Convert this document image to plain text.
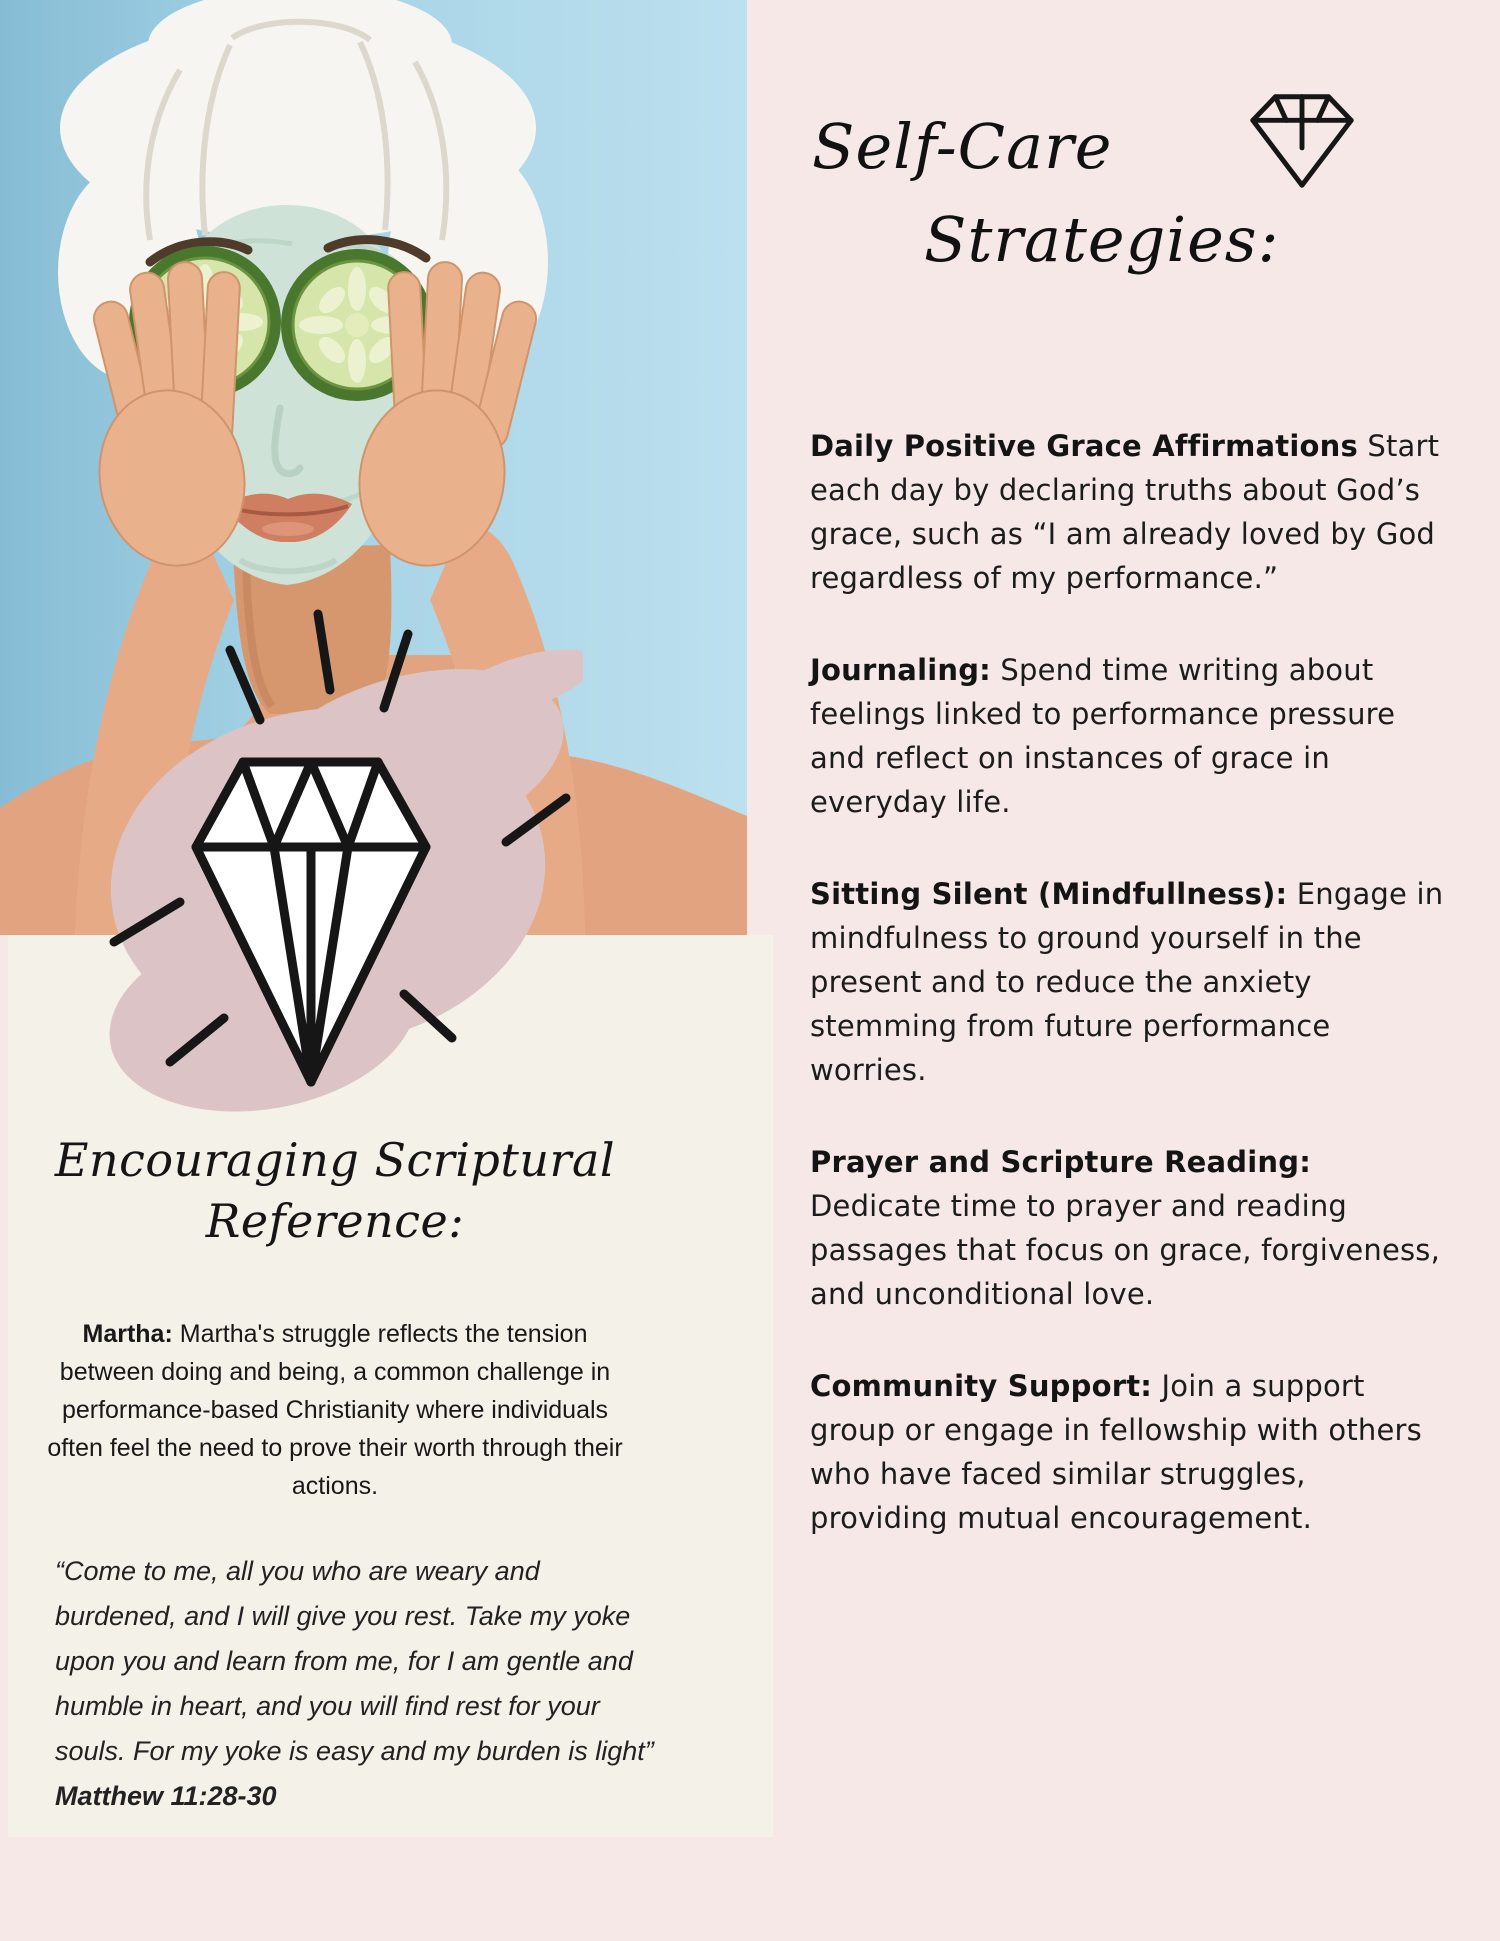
Encouraging Scriptural
Reference:

Martha: Martha's struggle reflects the tension between doing and being, a common challenge in performance-based Christianity where individuals often feel the need to prove their worth through their actions.

“Come to me, all you who are weary and burdened, and I will give you rest. Take my yoke upon you and learn from me, for I am gentle and humble in heart, and you will find rest for your souls. For my yoke is easy and my burden is light” Matthew 11:28-30

Self-Care
Strategies:

Daily Positive Grace Affirmations Start each day by declaring truths about God’s grace, such as “I am already loved by God regardless of my performance.”

Journaling: Spend time writing about feelings linked to performance pressure and reflect on instances of grace in everyday life.

Sitting Silent (Mindfullness): Engage in mindfulness to ground yourself in the present and to reduce the anxiety stemming from future performance worries.

Prayer and Scripture Reading: Dedicate time to prayer and reading passages that focus on grace, forgiveness, and unconditional love.

Community Support: Join a support group or engage in fellowship with others who have faced similar struggles, providing mutual encouragement.
